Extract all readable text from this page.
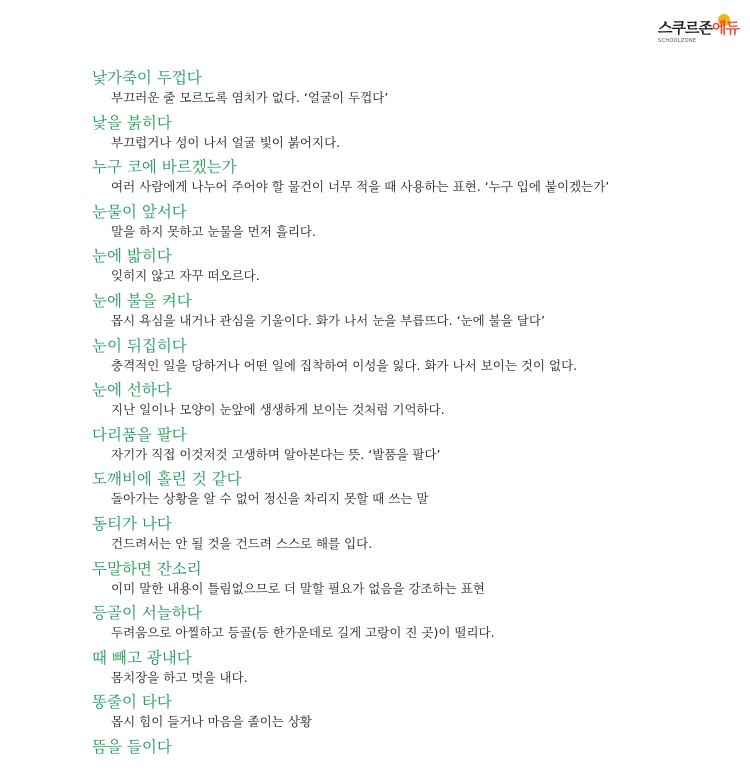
스쿠르존에듀
SCHOOLZONE
낯가죽이 두껍다
부끄러운 줄 모르도록 염치가 없다. ‘얼굴이 두껍다’
낯을 붉히다
부끄럽거나 성이 나서 얼굴 빛이 붉어지다.
누구 코에 바르겠는가
여러 사람에게 나누어 주어야 할 물건이 너무 적을 때 사용하는 표현. ‘누구 입에 붙이겠는가’
눈물이 앞서다
말을 하지 못하고 눈물을 먼저 흘리다.
눈에 밟히다
잊히지 않고 자꾸 떠오르다.
눈에 불을 켜다
몹시 욕심을 내거나 관심을 기울이다. 화가 나서 눈을 부릅뜨다. ‘눈에 불을 달다’
눈이 뒤집히다
충격적인 일을 당하거나 어떤 일에 집착하여 이성을 잃다. 화가 나서 보이는 것이 없다.
눈에 선하다
지난 일이나 모양이 눈앞에 생생하게 보이는 것처럼 기억하다.
다리품을 팔다
자기가 직접 이것저것 고생하며 알아본다는 뜻. ‘발품을 팔다’
도깨비에 홀린 것 같다
돌아가는 상황을 알 수 없어 정신을 차리지 못할 때 쓰는 말
동티가 나다
건드려서는 안 될 것을 건드려 스스로 해를 입다.
두말하면 잔소리
이미 말한 내용이 틀림없으므로 더 말할 필요가 없음을 강조하는 표현
등골이 서늘하다
두려움으로 아찔하고 등골(등 한가운데로 길게 고랑이 진 곳)이 떨리다.
때 빼고 광내다
몸치장을 하고 멋을 내다.
똥줄이 타다
몹시 힘이 들거나 마음을 졸이는 상황
뜸을 들이다
